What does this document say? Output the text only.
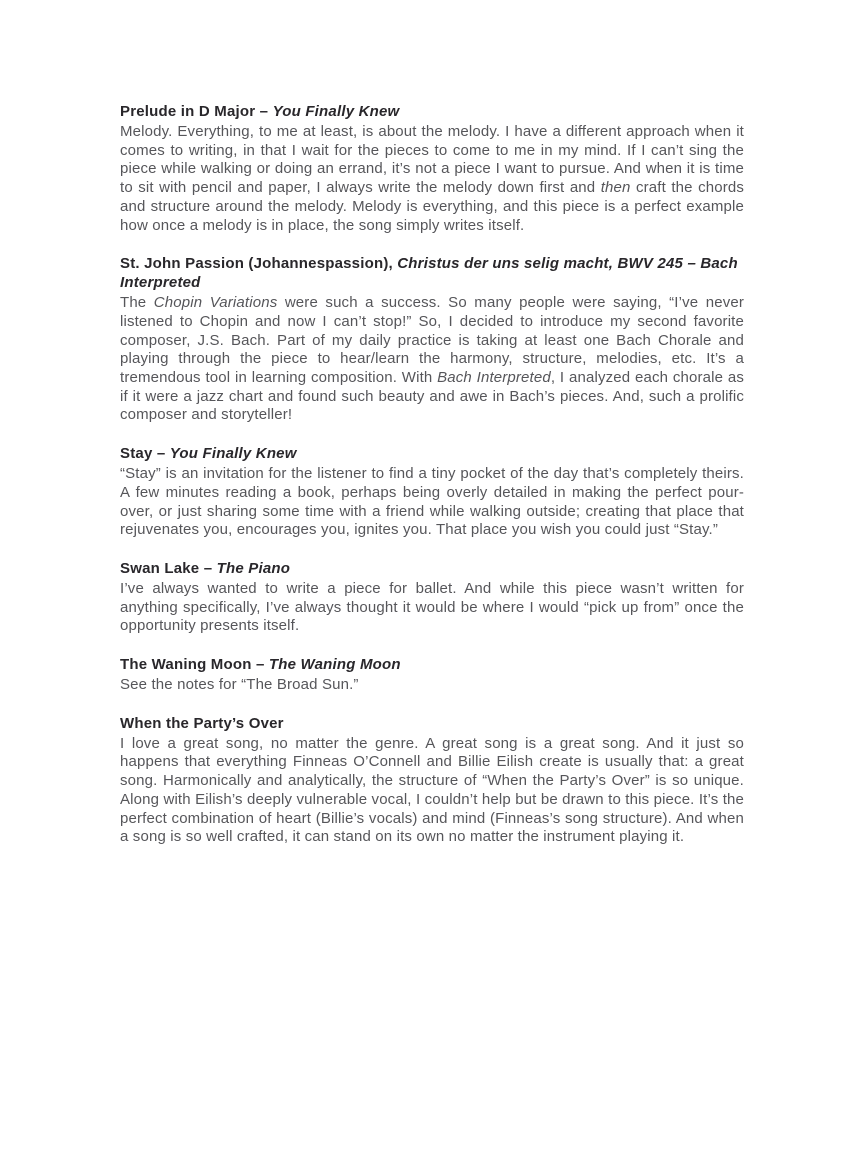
Prelude in D Major – You Finally Knew

Melody. Everything, to me at least, is about the melody. I have a different approach when it comes to writing, in that I wait for the pieces to come to me in my mind. If I can’t sing the piece while walking or doing an errand, it’s not a piece I want to pursue. And when it is time to sit with pencil and paper, I always write the melody down first and then craft the chords and structure around the melody. Melody is everything, and this piece is a perfect example how once a melody is in place, the song simply writes itself.

St. John Passion (Johannespassion), Christus der uns selig macht, BWV 245 – Bach Interpreted

The Chopin Variations were such a success. So many people were saying, “I’ve never listened to Chopin and now I can’t stop!” So, I decided to introduce my second favorite composer, J.S. Bach. Part of my daily practice is taking at least one Bach Chorale and playing through the piece to hear/learn the harmony, structure, melodies, etc. It’s a tremendous tool in learning composition. With Bach Interpreted, I analyzed each chorale as if it were a jazz chart and found such beauty and awe in Bach’s pieces. And, such a prolific composer and storyteller!

Stay – You Finally Knew

“Stay” is an invitation for the listener to find a tiny pocket of the day that’s completely theirs. A few minutes reading a book, perhaps being overly detailed in making the perfect pour-over, or just sharing some time with a friend while walking outside; creating that place that rejuvenates you, encourages you, ignites you. That place you wish you could just “Stay.”

Swan Lake – The Piano

I’ve always wanted to write a piece for ballet. And while this piece wasn’t written for anything specifically, I’ve always thought it would be where I would “pick up from” once the opportunity presents itself.

The Waning Moon – The Waning Moon

See the notes for “The Broad Sun.”

When the Party’s Over

I love a great song, no matter the genre. A great song is a great song. And it just so happens that everything Finneas O’Connell and Billie Eilish create is usually that: a great song. Harmonically and analytically, the structure of “When the Party’s Over” is so unique. Along with Eilish’s deeply vulnerable vocal, I couldn’t help but be drawn to this piece. It’s the perfect combination of heart (Billie’s vocals) and mind (Finneas’s song structure). And when a song is so well crafted, it can stand on its own no matter the instrument playing it.
